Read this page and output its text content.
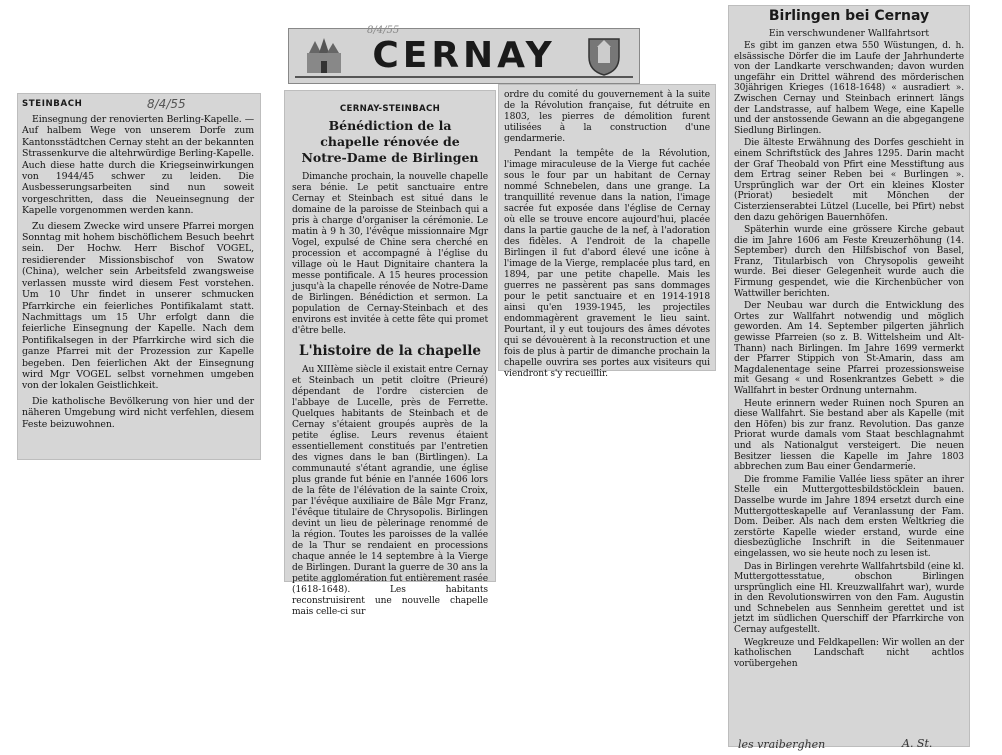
STEINBACH	8/4/55

Einsegnung der renovierten Berling-Kapelle. — Auf halbem Wege von unserem Dorfe zum Kantonsstädtchen Cernay steht an der bekannten Strassenkurve die altehrwürdige Berling-Kapelle. Auch diese hatte durch die Kriegseinwirkungen von 1944/45 schwer zu leiden. Die Ausbesserungsarbeiten sind nun soweit vorgeschritten, dass die Neueinsegnung der Kapelle vorgenommen werden kann.

Zu diesem Zwecke wird unsere Pfarrei morgen Sonntag mit hohem bischöflichem Besuch beehrt sein. Der Hochw. Herr Bischof VOGEL, residierender Missionsbischof von Swatow (China), welcher sein Arbeitsfeld zwangsweise verlassen musste wird diesem Fest vorstehen. Um 10 Uhr findet in unserer schmucken Pfarrkirche ein feierliches Pontifikalamt statt. Nachmittags um 15 Uhr erfolgt dann die feierliche Einsegnung der Kapelle. Nach dem Pontifikalsegen in der Pfarrkirche wird sich die ganze Pfarrei mit der Prozession zur Kapelle begeben. Den feierlichen Akt der Einsegnung wird Mgr VOGEL selbst vornehmen umgeben von der lokalen Geistlichkeit.

Die katholische Bevölkerung von hier und der näheren Umgebung wird nicht verfehlen, diesem Feste beizuwohnen.

8/4/55
CERNAY
CERNAY-STEINBACH
Bénédiction de la chapelle rénovée de Notre-Dame de Birlingen

Dimanche prochain, la nouvelle chapelle sera bénie. Le petit sanctuaire entre Cernay et Steinbach est situé dans le domaine de la paroisse de Steinbach qui a pris à charge d'organiser la cérémonie. Le matin à 9 h 30, l'évêque missionnaire Mgr Vogel, expulsé de Chine sera cherché en procession et accompagné à l'église du village où le Haut Dignitaire chantera la messe pontificale. A 15 heures procession jusqu'à la chapelle rénovée de Notre-Dame de Birlingen. Bénédiction et sermon. La population de Cernay-Steinbach et des environs est invitée à cette fête qui promet d'être belle.

L'histoire de la chapelle

Au XIIIème siècle il existait entre Cernay et Steinbach un petit cloître (Prieuré) dépendant de l'ordre cistercien de l'abbaye de Lucelle, près de Ferrette. Quelques habitants de Steinbach et de Cernay s'étaient groupés auprès de la petite église. Leurs revenus étaient essentiellement constitués par l'entretien des vignes dans le ban (Birtlingen). La communauté s'étant agrandie, une église plus grande fut bénie en l'année 1606 lors de la fête de l'élévation de la sainte Croix, par l'évêque auxiliaire de Bâle Mgr Franz, l'évêque titulaire de Chrysopolis. Birlingen devint un lieu de pèlerinage renommé de la région. Toutes les paroisses de la vallée de la Thur se rendaient en processions chaque année le 14 septembre à la Vierge de Birlingen. Durant la guerre de 30 ans la petite agglomération fut entièrement rasée (1618-1648). Les habitants reconstruisirent une nouvelle chapelle mais celle-ci sur

ordre du comité du gouvernement à la suite de la Révolution française, fut détruite en 1803, les pierres de démolition furent utilisées à la construction d'une gendarmerie.

Pendant la tempête de la Révolution, l'image miraculeuse de la Vierge fut cachée sous le four par un habitant de Cernay nommé Schnebelen, dans une grange. La tranquillité revenue dans la nation, l'image sacrée fut exposée dans l'église de Cernay où elle se trouve encore aujourd'hui, placée dans la partie gauche de la nef, à l'adoration des fidèles. A l'endroit de la chapelle Birlingen il fut d'abord élevé une icône à l'image de la Vierge, remplacée plus tard, en 1894, par une petite chapelle. Mais les guerres ne passèrent pas sans dommages pour le petit sanctuaire et en 1914-1918 ainsi qu'en 1939-1945, les projectiles endommagèrent gravement le lieu saint. Pourtant, il y eut toujours des âmes dévotes qui se dévouèrent à la reconstruction et une fois de plus à partir de dimanche prochain la chapelle ouvrira ses portes aux visiteurs qui viendront s'y recueillir.

Birlingen bei Cernay
Ein verschwundener Wallfahrtsort

Es gibt im ganzen etwa 550 Wüstungen, d. h. elsässische Dörfer die im Laufe der Jahrhunderte von der Landkarte verschwanden; davon wurden ungefähr ein Drittel während des mörderischen 30jährigen Krieges (1618-1648) « ausradiert ». Zwischen Cernay und Steinbach erinnert längs der Landstrasse, auf halbem Wege, eine Kapelle und der anstossende Gewann an die abgegangene Siedlung Birlingen.

Die älteste Erwähnung des Dorfes geschieht in einem Schriftstück des Jahres 1295. Darin macht der Graf Theobald von Pfirt eine Messtiftung aus dem Ertrag seiner Reben bei « Burlingen ». Ursprünglich war der Ort ein kleines Kloster (Priorat) besiedelt mit Mönchen der Cisterzienserabtei Lützel (Lucelle, bei Pfirt) nebst den dazu gehörigen Bauernhöfen.

Späterhin wurde eine grössere Kirche gebaut die im Jahre 1606 am Feste Kreuzerhöhung (14. September) durch den Hilfsbischof von Basel, Franz, Titularbisch von Chrysopolis geweiht wurde. Bei dieser Gelegenheit wurde auch die Firmung gespendet, wie die Kirchenbücher von Wattwiller berichten.

Der Neubau war durch die Entwicklung des Ortes zur Wallfahrt notwendig und möglich geworden. Am 14. September pilgerten jährlich gewisse Pfarreien (so z. B. Wittelsheim und Alt-Thann) nach Birlingen. Im Jahre 1699 vermerkt der Pfarrer Stippich von St-Amarin, dass am Magdalenentage seine Pfarrei prozessionsweise mit Gesang « und Rosenkrantzes Gebett » die Wallfahrt in bester Ordnung unternahm.

Heute erinnern weder Ruinen noch Spuren an diese Wallfahrt. Sie bestand aber als Kapelle (mit den Höfen) bis zur franz. Revolution. Das ganze Priorat wurde damals vom Staat beschlagnahmt und als Nationalgut versteigert. Die neuen Besitzer liessen die Kapelle im Jahre 1803 abbrechen zum Bau einer Gendarmerie.

Die fromme Familie Vallée liess später an ihrer Stelle ein Muttergottesbildstöcklein bauen. Dasselbe wurde im Jahre 1894 ersetzt durch eine Muttergotteskapelle auf Veranlassung der Fam. Dom. Deiber. Als nach dem ersten Weltkrieg die zerstörte Kapelle wieder erstand, wurde eine diesbezügliche Inschrift in die Seitenmauer eingelassen, wo sie heute noch zu lesen ist.

Das in Birlingen verehrte Wallfahrtsbild (eine kl. Muttergottesstatue, obschon Birlingen ursprünglich eine Hl. Kreuzwallfahrt war), wurde in den Revolutionswirren von den Fam. Augustin und Schnebelen aus Sennheim gerettet und ist jetzt im südlichen Querschiff der Pfarrkirche von Cernay aufgestellt.

Wegkreuze und Feldkapellen: Wir wollen an der katholischen Landschaft nicht achtlos vorübergehen

les vraiberghen	A. St.
